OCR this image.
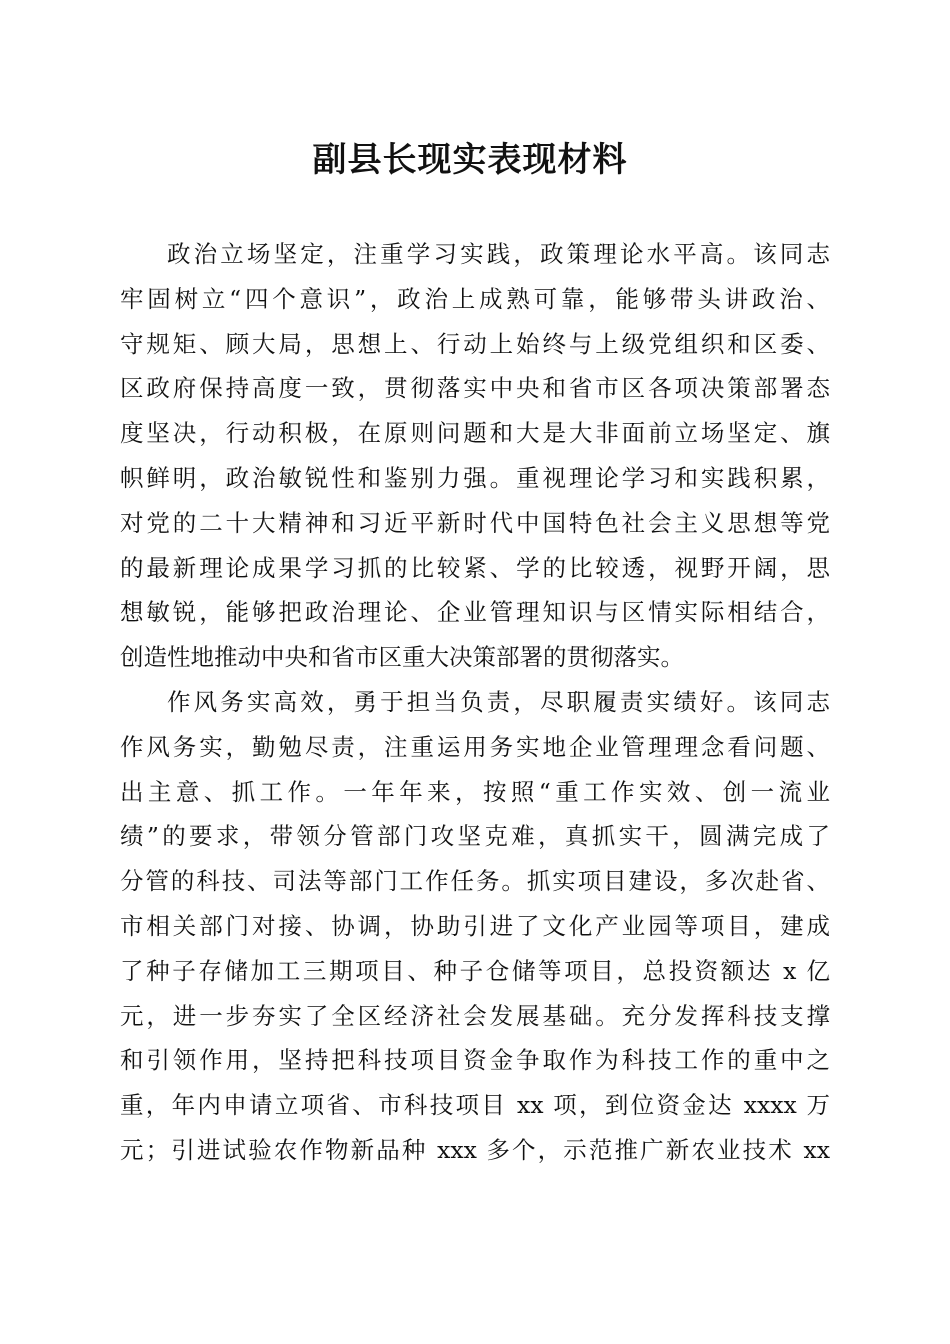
副县长现实表现材料
政治立场坚定，注重学习实践，政策理论水平高。该同志
牢固树立“四个意识”，政治上成熟可靠，能够带头讲政治、
守规矩、顾大局，思想上、行动上始终与上级党组织和区委、
区政府保持高度一致，贯彻落实中央和省市区各项决策部署态
度坚决，行动积极，在原则问题和大是大非面前立场坚定、旗
帜鲜明，政治敏锐性和鉴别力强。重视理论学习和实践积累，
对党的二十大精神和习近平新时代中国特色社会主义思想等党
的最新理论成果学习抓的比较紧、学的比较透，视野开阔，思
想敏锐，能够把政治理论、企业管理知识与区情实际相结合，
创造性地推动中央和省市区重大决策部署的贯彻落实。
作风务实高效，勇于担当负责，尽职履责实绩好。该同志
作风务实，勤勉尽责，注重运用务实地企业管理理念看问题、
出主意、抓工作。一年年来，按照“重工作实效、创一流业
绩”的要求，带领分管部门攻坚克难，真抓实干，圆满完成了
分管的科技、司法等部门工作任务。抓实项目建设，多次赴省、
市相关部门对接、协调，协助引进了文化产业园等项目，建成
了种子存储加工三期项目、种子仓储等项目，总投资额达 x 亿
元，进一步夯实了全区经济社会发展基础。充分发挥科技支撑
和引领作用，坚持把科技项目资金争取作为科技工作的重中之
重，年内申请立项省、市科技项目 xx 项，到位资金达 xxxx 万
元；引进试验农作物新品种 xxx 多个，示范推广新农业技术 xx
